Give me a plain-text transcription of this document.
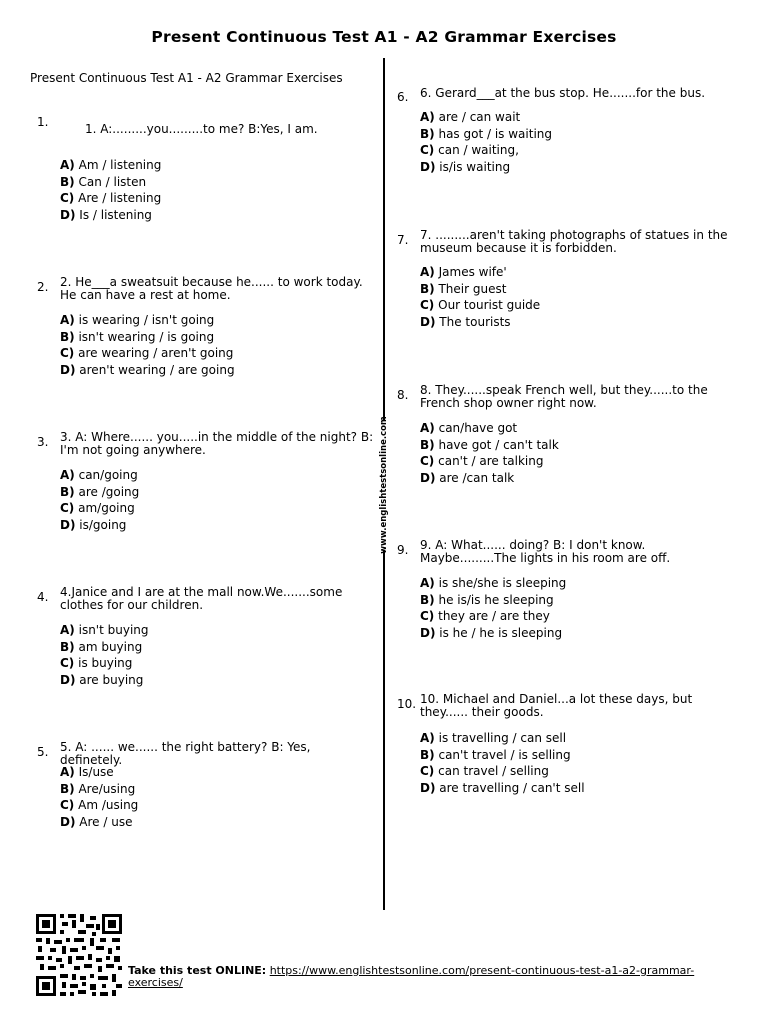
Present Continuous Test A1 - A2 Grammar Exercises
Present Continuous Test A1 - A2 Grammar Exercises
www.englishtestsonline.com
1.	1. A:.........you.........to me? B:Yes, I am.
A) Am / listening
B) Can / listen
C) Are / listening
D) Is / listening
2. 2. He___a sweatsuit because he...... to work today. He can have a rest at home.
A) is wearing / isn't going
B) isn't wearing / is going
C) are wearing / aren't going
D) aren't wearing / are going
3. 3. A: Where...... you.....in the middle of the night? B: I'm not going anywhere.
A) can/going
B) are /going
C) am/going
D) is/going
4. 4.Janice and I are at the mall now.We.......some clothes for our children.
A) isn't buying
B) am buying
C) is buying
D) are buying
5. 5. A: ...... we...... the right battery? B: Yes, definetely.
A) Is/use
B) Are/using
C) Am /using
D) Are / use
6. 6. Gerard___at the bus stop. He.......for the bus.
A) are / can wait
B) has got / is waiting
C) can / waiting,
D) is/is waiting
7. 7. .........aren't taking photographs of statues in the museum because it is forbidden.
A) James wife'
B) Their guest
C) Our tourist guide
D) The tourists
8. 8. They......speak French well, but they......to the French shop owner right now.
A) can/have got
B) have got / can't talk
C) can't / are talking
D) are /can talk
9. 9. A: What...... doing? B: I don't know. Maybe.........The lights in his room are off.
A) is she/she is sleeping
B) he is/is he sleeping
C) they are / are they
D) is he / he is sleeping
10. 10. Michael and Daniel...a lot these days, but they...... their goods.
A) is travelling / can sell
B) can't travel / is selling
C) can travel / selling
D) are travelling / can't sell
Take this test ONLINE: https://www.englishtestsonline.com/present-continuous-test-a1-a2-grammar-exercises/
